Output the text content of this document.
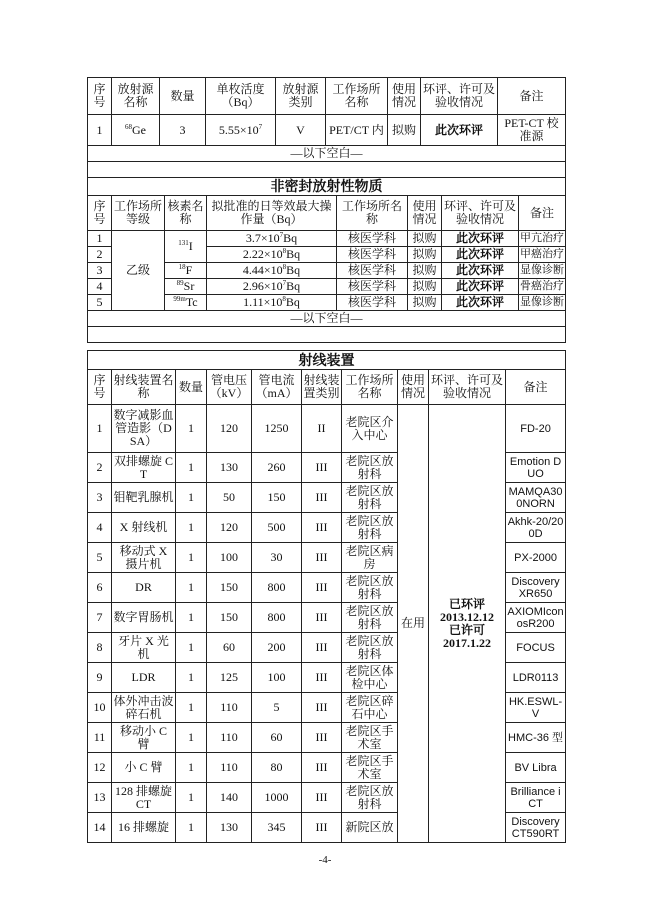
序号	放射源名称	数量	单枚活度（Bq）	放射源类别	工作场所名称	使用情况	环评、许可及验收情况	备注
1	$^{68}$Ge	3	$5.55\times 10^7$	V	PET/CT 内	拟购	此次环评	PET-CT 校准源
—以下空白—								

非密封放射性物质							
序号	工作场所等级	核素名称	拟批准的日等效最大操作量（Bq）	工作场所名称	使用情况	环评、许可及验收情况	备注
1	乙级	$^{131}$I	$3.7\times 10^7Bq$	核医学科	拟购	此次环评	甲亢治疗
2			$2.22\times 10^8Bq$	核医学科	拟购	此次环评	甲癌治疗
3		$^{18}$F	$4.44\times 10^8Bq$	核医学科	拟购	此次环评	显像诊断
4		$^{89}$Sr	$2.96\times 10^7Bq$	核医学科	拟购	此次环评	骨癌治疗
5		$^{99m}$Tc	$1.11\times 10^8Bq$	核医学科	拟购	此次环评	显像诊断
—以下空白—							

射线装置									
序号	射线装置名称	数量	管电压（kV）	管电流（mA）	射线装置类别	工作场所名称	使用情况	环评、许可及验收情况	备注
1	数字减影血管造影（DSA）	1	120	1250	II	老院区介入中心	在用	已环评
2013.12.12
已许可
2017.1.22	FD-20
2	双排螺旋 CT	1	130	260	III	老院区放射科			Emotion DUO
3	钼靶乳腺机	1	50	150	III	老院区放射科			MAMQA300NORN
4	X 射线机	1	120	500	III	老院区放射科			Akhk-20/200D
5	移动式 X 摄片机	1	100	30	III	老院区病房			PX-2000
6	DR	1	150	800	III	老院区放射科			Discovery XR650
7	数字胃肠机	1	150	800	III	老院区放射科			AXIOMIconosR200
8	牙片 X 光机	1	60	200	III	老院区放射科			FOCUS
9	LDR	1	125	100	III	老院区体检中心			LDR0113
10	体外冲击波碎石机	1	110	5	III	老院区碎石中心			HK.ESWL-V
11	移动小 C 臂	1	110	60	III	老院区手术室			HMC-36 型
12	小 C 臂	1	110	80	III	老院区手术室			BV Libra
13	128 排螺旋 CT	1	140	1000	III	老院区放射科			Brilliance iCT
14	16 排螺旋	1	130	345	III	新院区放			Discovery CT590RT
-4-
